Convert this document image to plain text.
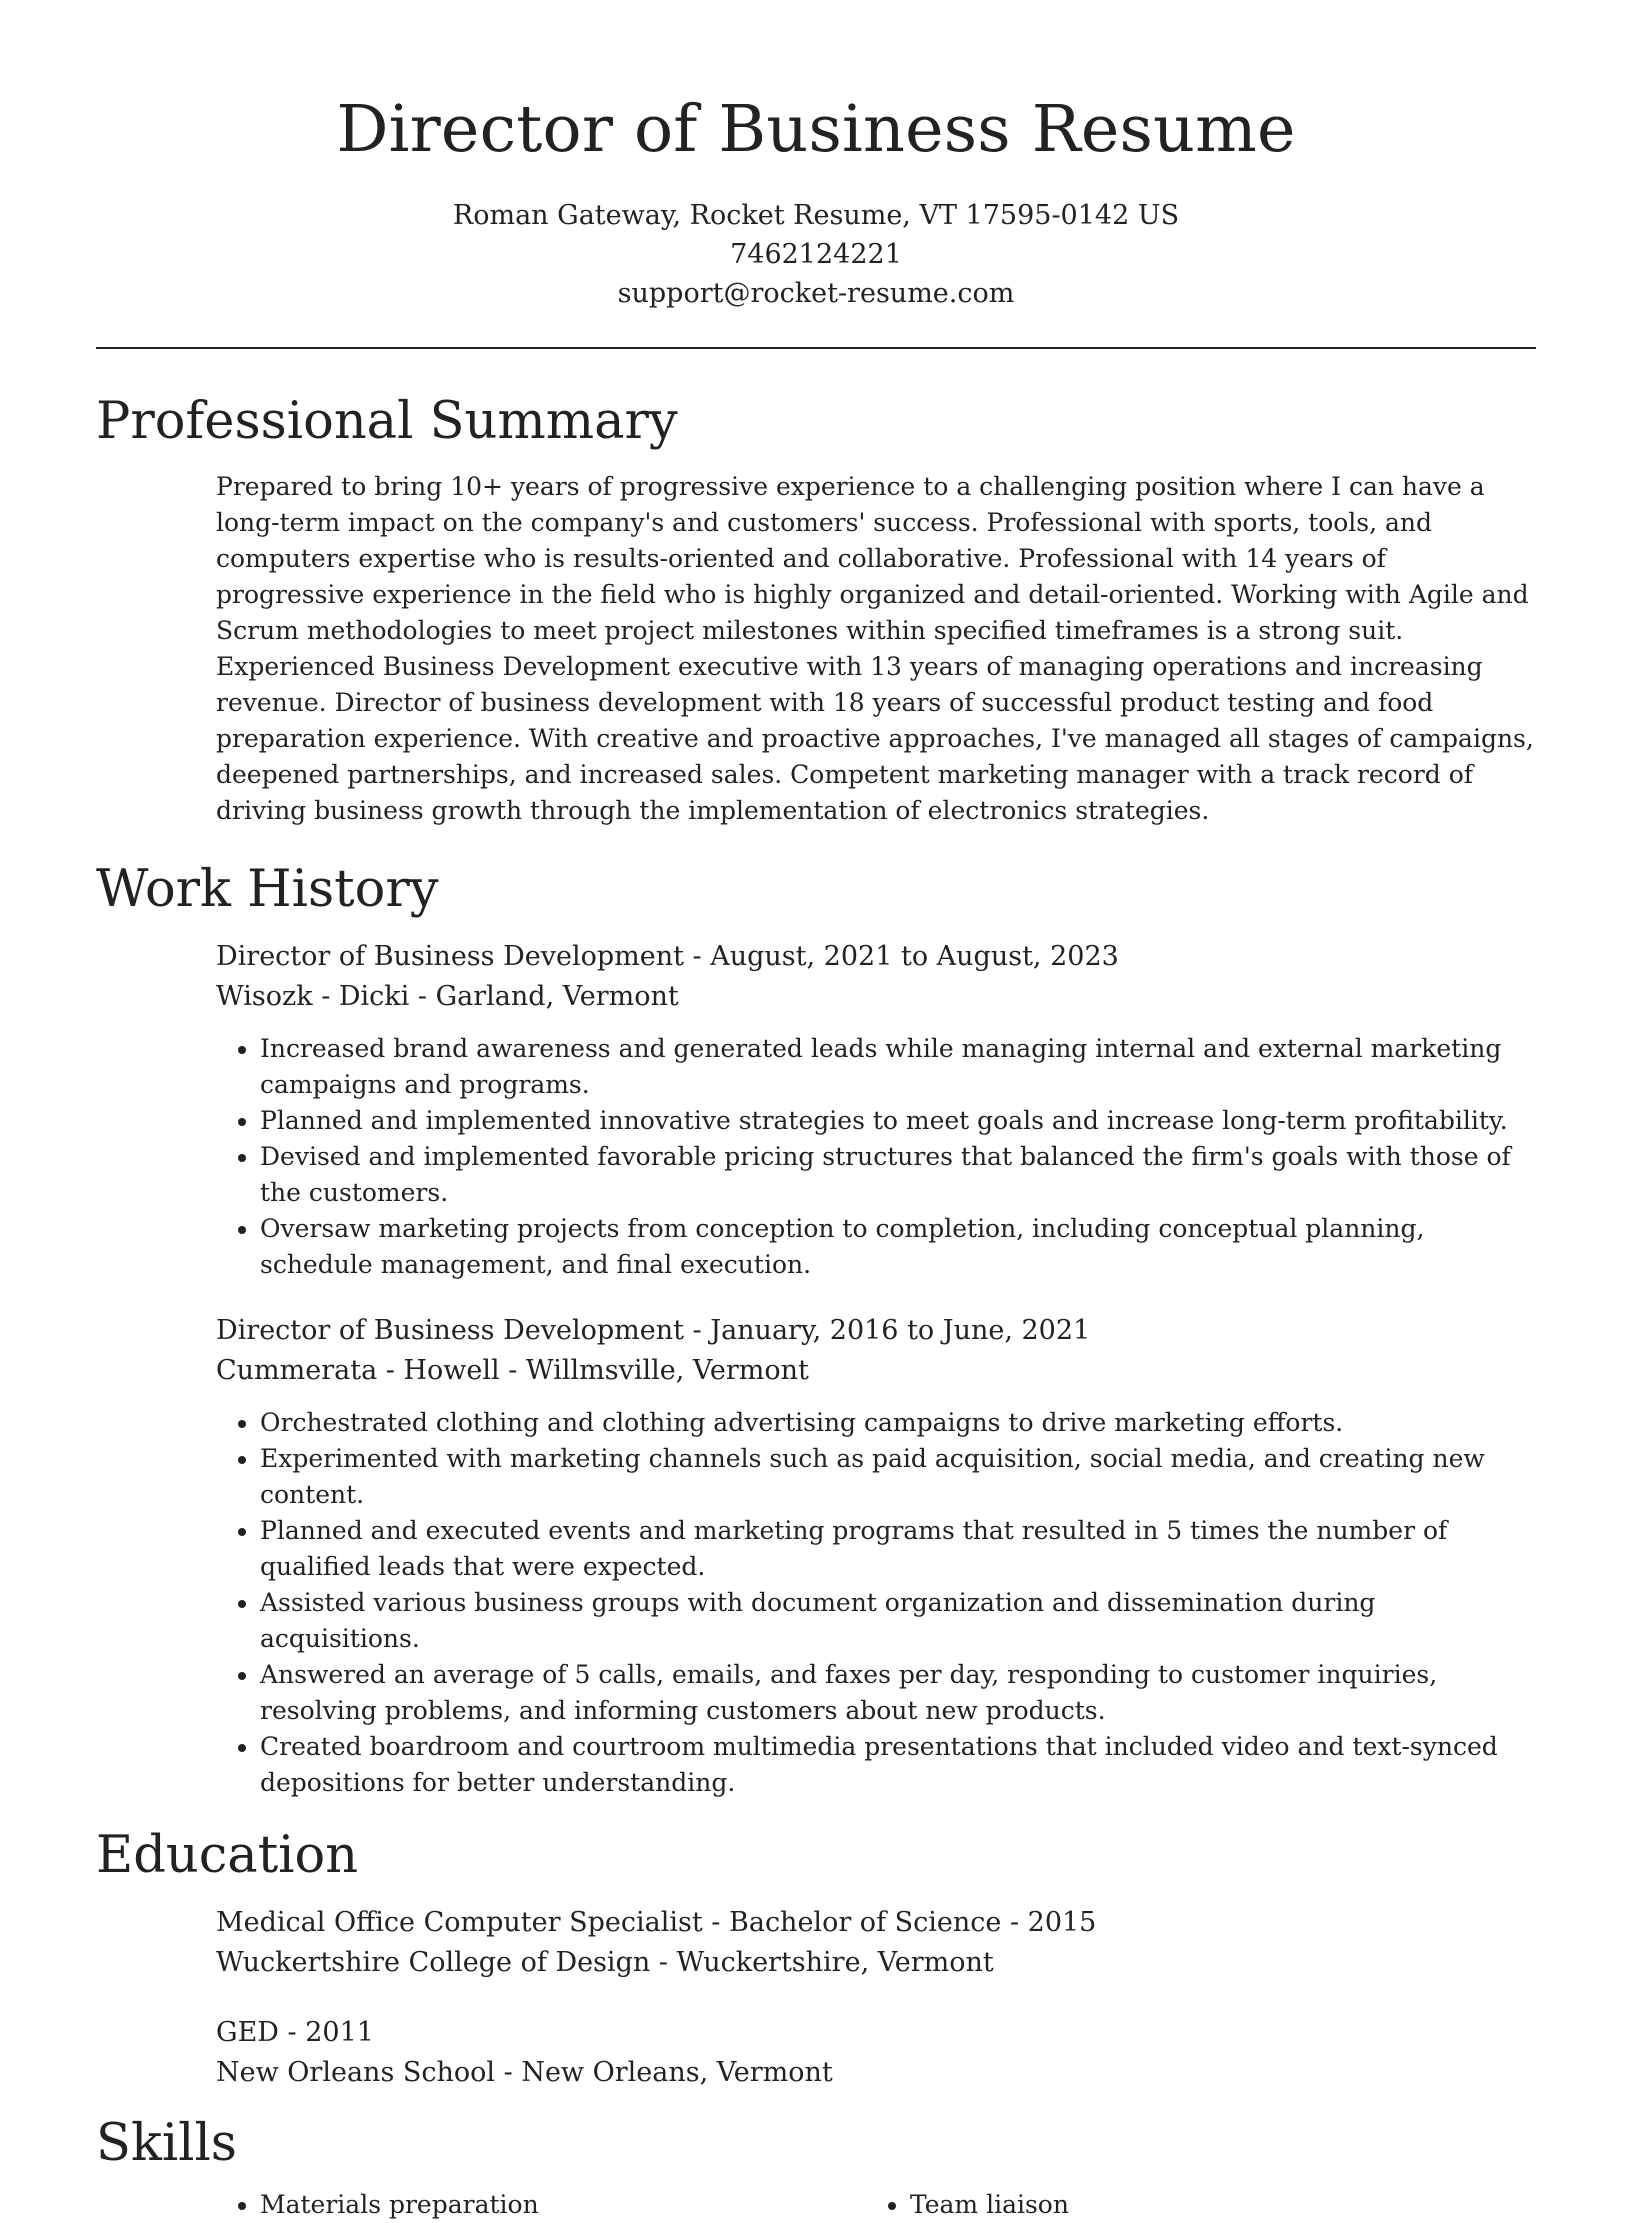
Director of Business Resume

Roman Gateway, Rocket Resume, VT 17595-0142 US

7462124221

support@rocket-resume.com

Professional Summary

Prepared to bring 10+ years of progressive experience to a challenging position where I can have a long-term impact on the company's and customers' success. Professional with sports, tools, and computers expertise who is results-oriented and collaborative. Professional with 14 years of progressive experience in the field who is highly organized and detail-oriented. Working with Agile and Scrum methodologies to meet project milestones within specified timeframes is a strong suit. Experienced Business Development executive with 13 years of managing operations and increasing revenue. Director of business development with 18 years of successful product testing and food preparation experience. With creative and proactive approaches, I've managed all stages of campaigns, deepened partnerships, and increased sales. Competent marketing manager with a track record of driving business growth through the implementation of electronics strategies.

Work History

Director of Business Development - August, 2021 to August, 2023

Wisozk - Dicki - Garland, Vermont

• Increased brand awareness and generated leads while managing internal and external marketing campaigns and programs.
• Planned and implemented innovative strategies to meet goals and increase long-term profitability.
• Devised and implemented favorable pricing structures that balanced the firm's goals with those of the customers.
• Oversaw marketing projects from conception to completion, including conceptual planning, schedule management, and final execution.

Director of Business Development - January, 2016 to June, 2021

Cummerata - Howell - Willmsville, Vermont

• Orchestrated clothing and clothing advertising campaigns to drive marketing efforts.
• Experimented with marketing channels such as paid acquisition, social media, and creating new content.
• Planned and executed events and marketing programs that resulted in 5 times the number of qualified leads that were expected.
• Assisted various business groups with document organization and dissemination during acquisitions.
• Answered an average of 5 calls, emails, and faxes per day, responding to customer inquiries, resolving problems, and informing customers about new products.
• Created boardroom and courtroom multimedia presentations that included video and text-synced depositions for better understanding.
Education

Medical Office Computer Specialist - Bachelor of Science - 2015

Wuckertshire College of Design - Wuckertshire, Vermont

GED - 2011

New Orleans School - New Orleans, Vermont

Skills
• Materials preparation
•	Team liaison
